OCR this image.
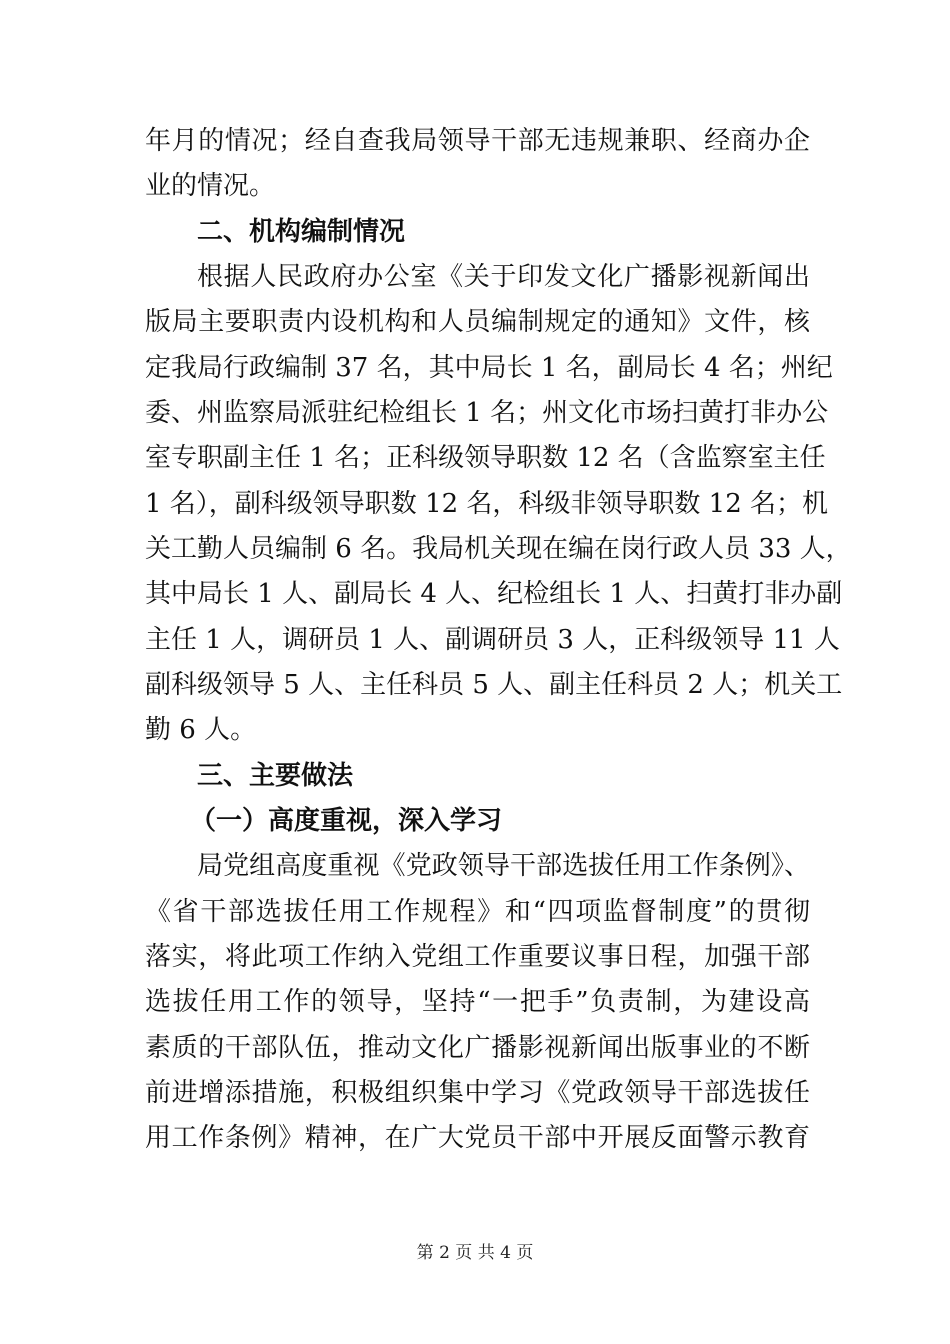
年月的情况；经自查我局领导干部无违规兼职、经商办企
业的情况。
二、机构编制情况
根据人民政府办公室《关于印发文化广播影视新闻出
版局主要职责内设机构和人员编制规定的通知》文件，核
定我局行政编制 37 名，其中局长 1 名，副局长 4 名；州纪
委、州监察局派驻纪检组长 1 名；州文化市场扫黄打非办公
室专职副主任 1 名；正科级领导职数 12 名（含监察室主任
1 名），副科级领导职数 12 名，科级非领导职数 12 名；机
关工勤人员编制 6 名。我局机关现在编在岗行政人员 33 人，
其中局长 1 人、副局长 4 人、纪检组长 1 人、扫黄打非办副
主任 1 人，调研员 1 人、副调研员 3 人，正科级领导 11 人
副科级领导 5 人、主任科员 5 人、副主任科员 2 人；机关工
勤 6 人。
三、主要做法
（一）高度重视，深入学习
局党组高度重视《党政领导干部选拔任用工作条例》、
《省干部选拔任用工作规程》和“四项监督制度”的贯彻
落实，将此项工作纳入党组工作重要议事日程，加强干部
选拔任用工作的领导，坚持“一把手”负责制，为建设高
素质的干部队伍，推动文化广播影视新闻出版事业的不断
前进增添措施，积极组织集中学习《党政领导干部选拔任
用工作条例》精神，在广大党员干部中开展反面警示教育
第 2 页 共 4 页
